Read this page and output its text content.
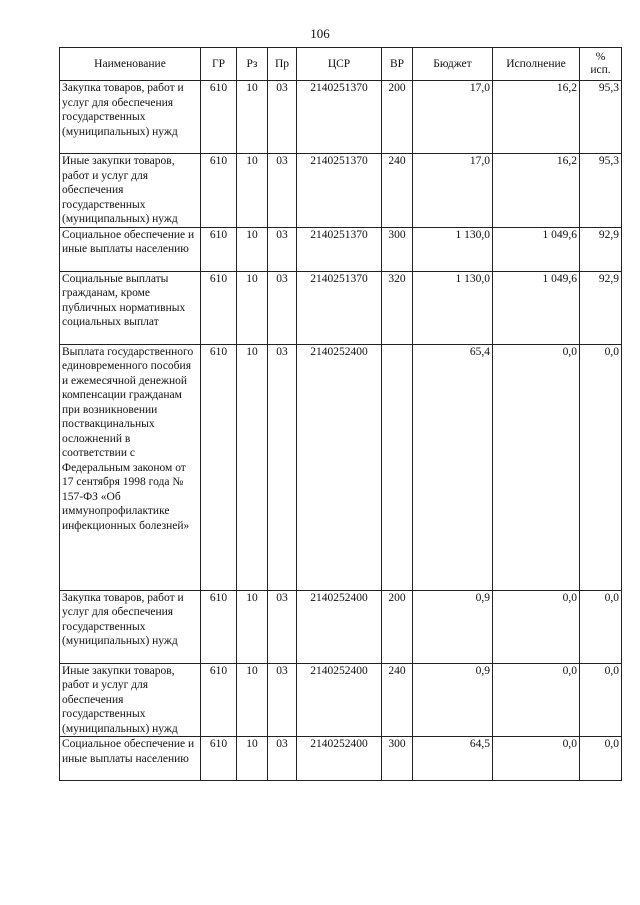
106
Наименование	ГР	Рз	Пр	ЦСР	ВР	Бюджет	Исполнение	%
исп.
Закупка товаров, работ и услуг для обеспечения государственных (муниципальных) нужд	610	10	03	2140251370	200	17,0	16,2	95,3
Иные закупки товаров, работ и услуг для обеспечения государственных (муниципальных) нужд	610	10	03	2140251370	240	17,0	16,2	95,3
Социальное обеспечение и иные выплаты населению	610	10	03	2140251370	300	1 130,0	1 049,6	92,9
Социальные выплаты гражданам, кроме публичных нормативных социальных выплат	610	10	03	2140251370	320	1 130,0	1 049,6	92,9
Выплата государственного единовременного пособия и ежемесячной денежной компенсации гражданам при возникновении поствакцинальных осложнений в соответствии с Федеральным законом от 17 сентября 1998 года № 157-ФЗ «Об иммунопрофилактике инфекционных болезней»	610	10	03	2140252400		65,4	0,0	0,0
Закупка товаров, работ и услуг для обеспечения государственных (муниципальных) нужд	610	10	03	2140252400	200	0,9	0,0	0,0
Иные закупки товаров, работ и услуг для обеспечения государственных (муниципальных) нужд	610	10	03	2140252400	240	0,9	0,0	0,0
Социальное обеспечение и иные выплаты населению	610	10	03	2140252400	300	64,5	0,0	0,0
